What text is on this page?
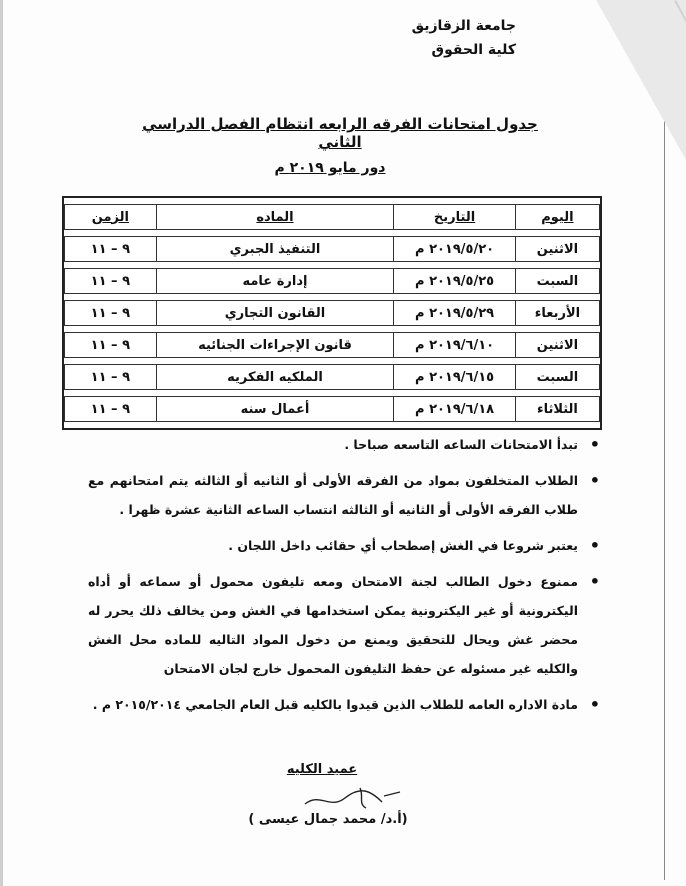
جامعة الزقازيق
كلية الحقوق
جدول امتحانات الفرقه الرابعه انتظام الفصل الدراسي الثاني
دور مايو ٢٠١٩ م
اليوم	التاريخ	الماده	الزمن
الاثنين	٢٠١٩/٥/٢٠ م	التنفيذ الجبري	٩ – ١١
السبت	٢٠١٩/٥/٢٥ م	إدارة عامه	٩ – ١١
الأربعاء	٢٠١٩/٥/٢٩ م	القانون التجاري	٩ – ١١
الاثنين	٢٠١٩/٦/١٠ م	قانون الإجراءات الجنائيه	٩ – ١١
السبت	٢٠١٩/٦/١٥ م	الملكيه الفكريه	٩ – ١١
الثلاثاء	٢٠١٩/٦/١٨ م	أعمال سنه	٩ – ١١
•
تبدأ الامتحانات الساعه التاسعه صباحا .
•
الطلاب المتخلفون بمواد من الفرقه الأولى أو الثانيه أو الثالثه يتم امتحانهم مع طلاب الفرقه الأولى أو الثانيه أو الثالثه انتساب الساعه الثانية عشرة ظهرا .
•
يعتبر شروعا في الغش إصطحاب أي حقائب داخل اللجان .
•
ممنوع دخول الطالب لجنة الامتحان ومعه تليفون محمول أو سماعه أو أداه اليكترونية أو غير اليكترونية يمكن استخدامها في الغش ومن يخالف ذلك يحرر له محضر غش ويحال للتحقيق ويمنع من دخول المواد التاليه للماده محل الغش والكليه غير مسئوله عن حفظ التليفون المحمول خارج لجان الامتحان
•
مادة الاداره العامه للطلاب الذين قيدوا بالكليه قبل العام الجامعي ٢٠١٥/٢٠١٤ م .
عميد الكليه
(أ.د/ محمد جمال عيسى )
